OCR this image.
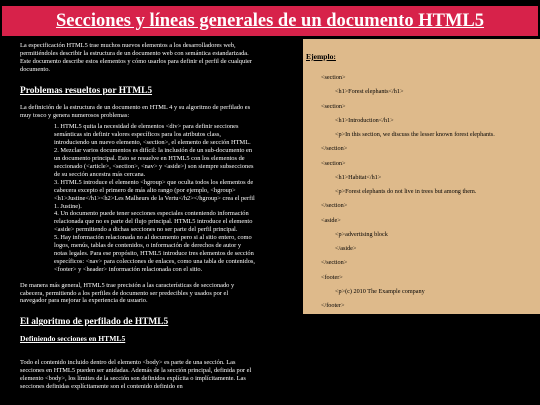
Secciones y líneas generales de un documento HTML5

La especificación HTML5 trae muchos nuevos elementos a los desarrolladores web, permitiéndoles describir la estructura de un documento web con semántica estandarizada. Este documento describe estos elementos y cómo usarlos para definir el perfil de cualquier documento.

Problemas resueltos por HTML5

La definición de la estructura de un documento en HTML 4 y su algoritmo de perfilado es muy tosco y genera numerosos problemas:

1. HTML5 quita la necesidad de elementos <div> para definir secciones semánticas sin definir valores específicos para los atributos class, introduciendo un nuevo elemento, <section>, el elemento de sección HTML.
2. Mezclar varios documentos es difícil: la inclusión de un sub-documento en un documento principal. Esto se resuelve en HTML5 con los elementos de seccionado (<article>, <section>, <nav> y <aside>) son siempre subsecciones de su sección ancestra más cercana.
3. HTML5 introduce el elemento <hgroup> que oculta todos los elementos de cabecera excepto el primero de más alto rango (por ejemplo, <hgroup><h1>Justine</h1><h2>Les Malheurs de la Vertu</h2></hgroup> crea el perfil 1. Justine).
4. Un documento puede tener secciones especiales conteniendo información relacionada que no es parte del flujo principal. HTML5 introduce el elemento <aside> permitiendo a dichas secciones no ser parte del perfil principal.
5. Hay información relacionada no al documento pero si al sitio entero, como logos, menús, tablas de contenidos, o información de derechos de autor y notas legales. Para ese propósito, HTML5 introduce tres elementos de sección específicos: <nav> para colecciones de enlaces, como una tabla de contenidos, <footer> y <header> información relacionada con el sitio.

De manera más general, HTML5 trae precisión a las características de seccionado y cabecera, permitiendo a los perfiles de documento ser predecibles y usados por el navegador para mejorar la experiencia de usuario.

El algoritmo de perfilado de HTML5
Definiendo secciones en HTML5

Todo el contenido incluido dentro del elemento <body> es parte de una sección. Las secciones en HTML5 pueden ser anidadas. Además de la sección principal, definida por el elemento <body>, los límites de la sección son definidos explícita o implícitamente. Las secciones definidas explícitamente son el contenido definido en

Ejemplo:
<section>
<h1>Forest elephants</h1>
<section>
<h1>Introduction</h1>
<p>In this section, we discuss the lesser known forest elephants.
</section>
<section>
<h1>Habitat</h1>
<p>Forest elephants do not live in trees but among them.
</section>
<aside>
<p>advertising block
</aside>
</section>
<footer>
<p>(c) 2010 The Example company
</footer>
